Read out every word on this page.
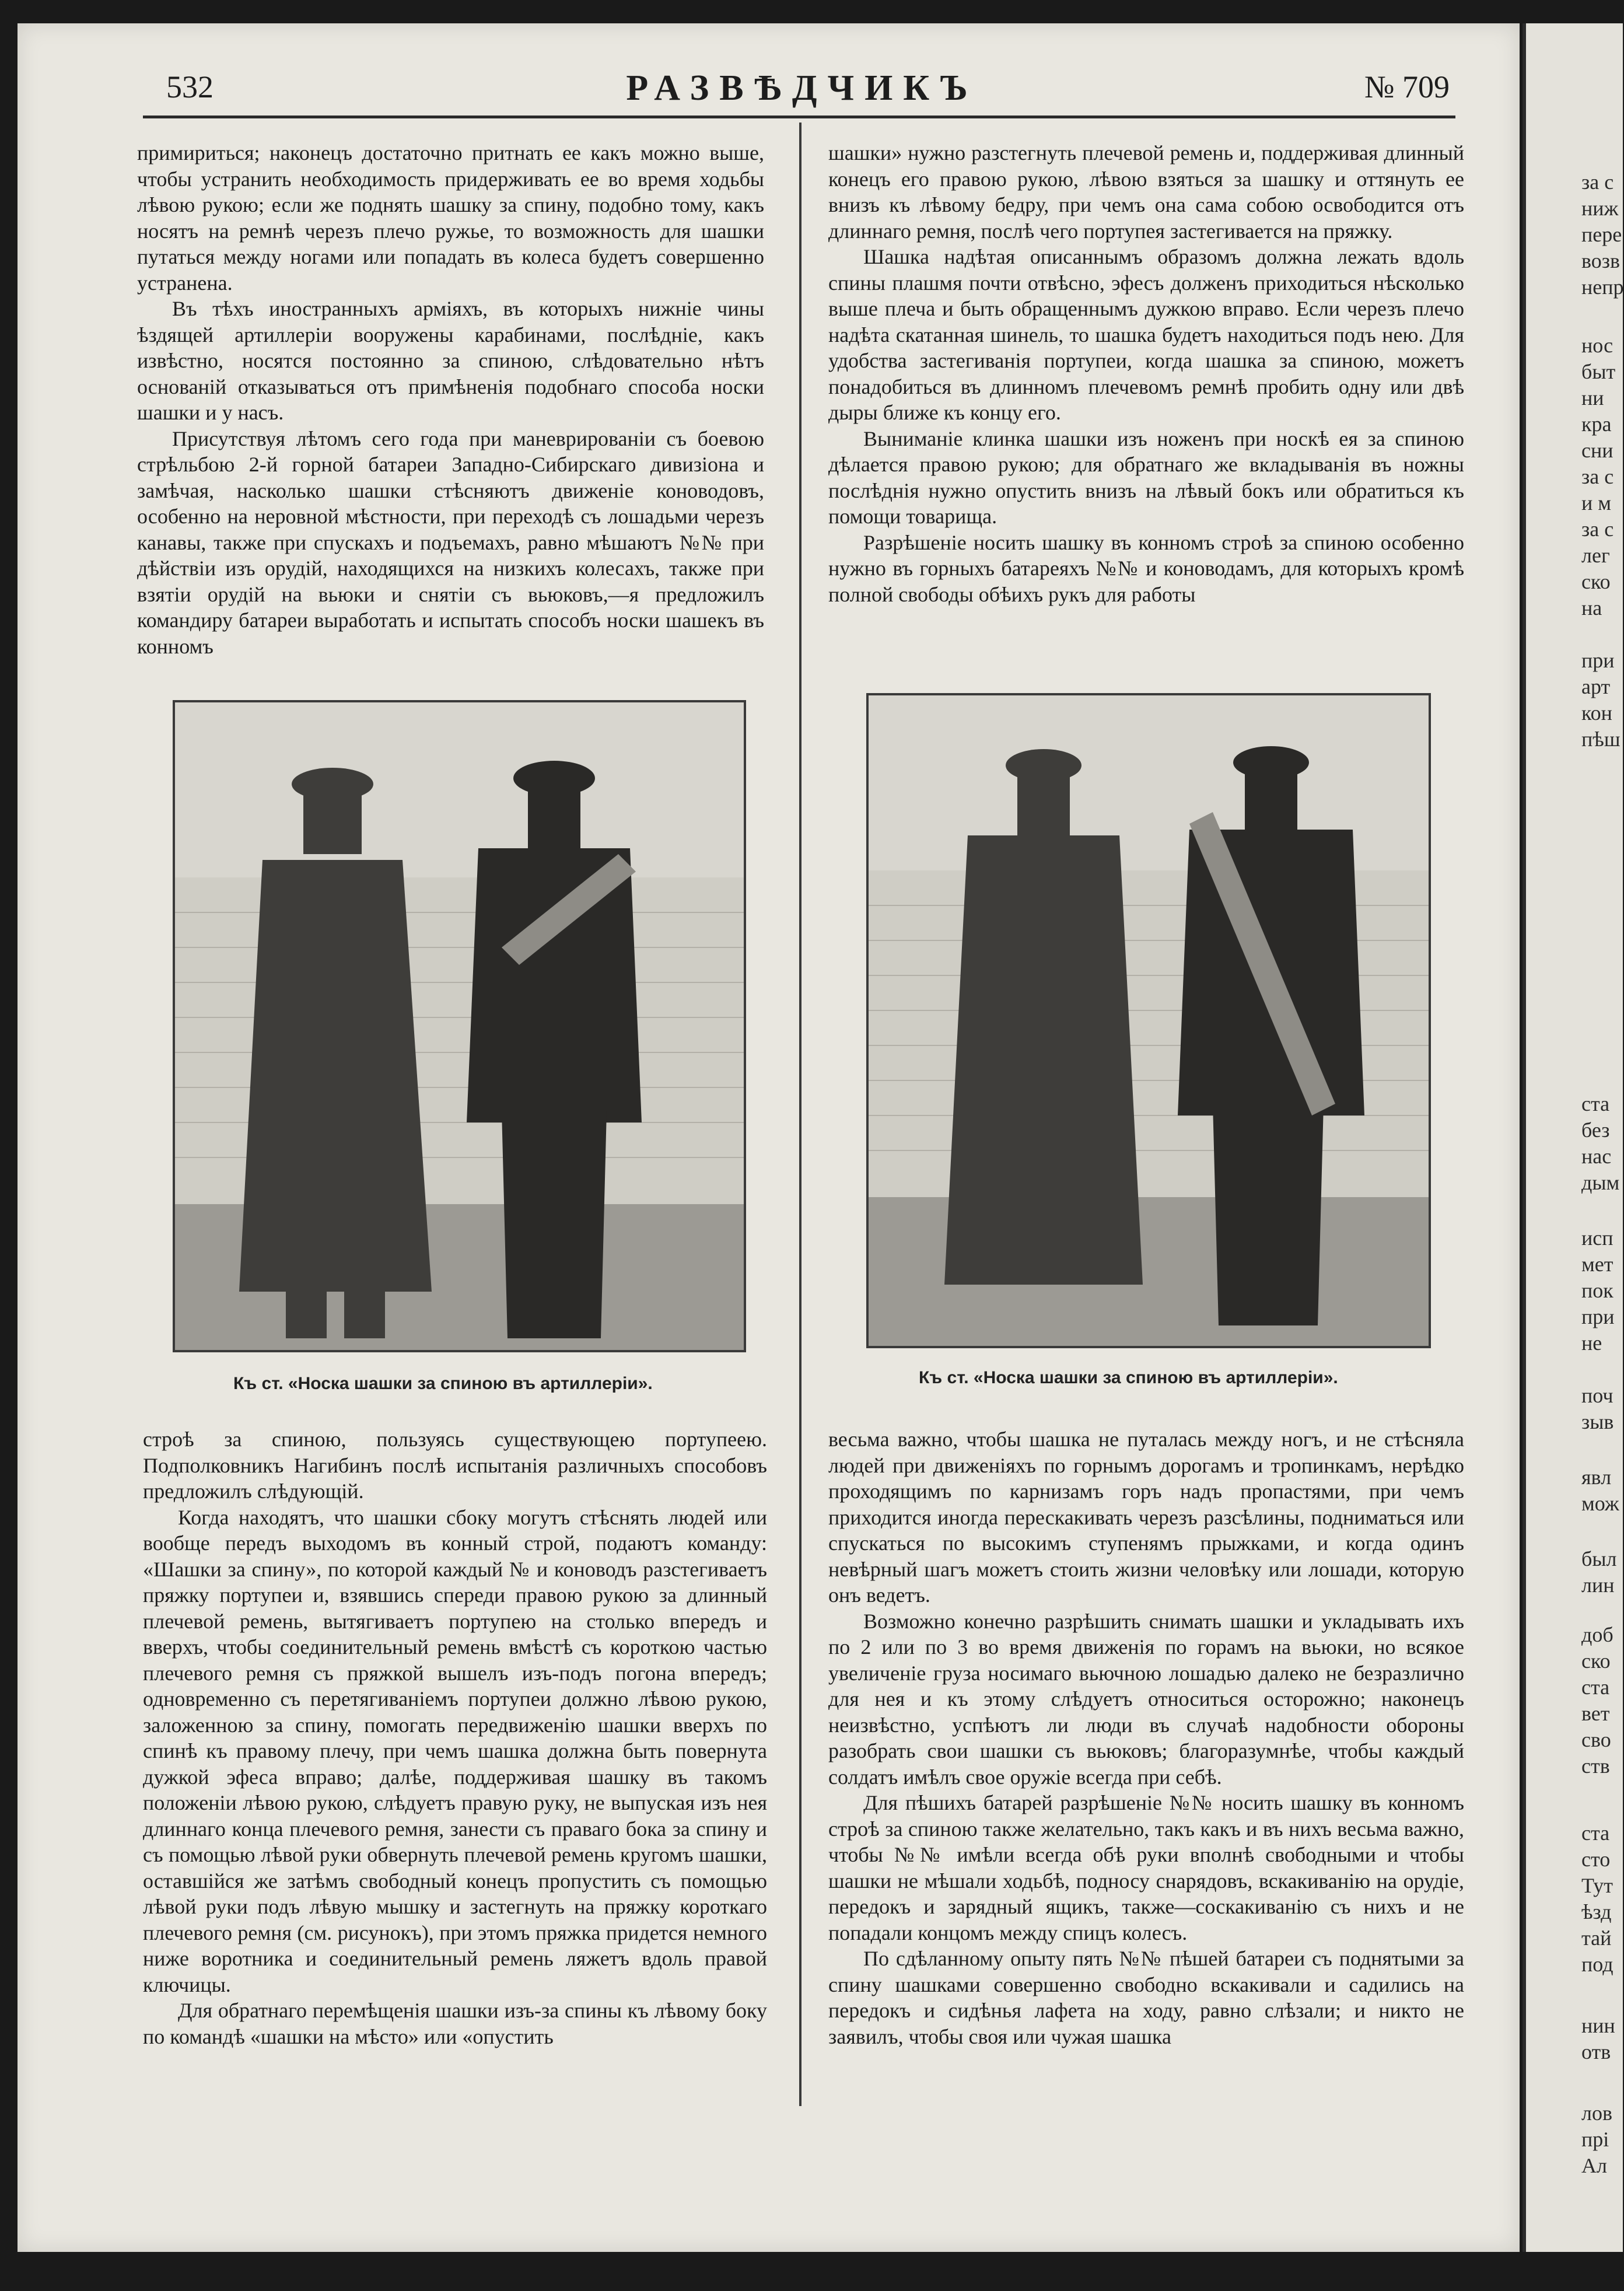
532	РАЗВѢДЧИКЪ	№ 709

примириться; наконецъ достаточно притнать ее какъ можно выше, чтобы устранить необходимость придерживать ее во время ходьбы лѣвою рукою; если же поднять шашку за спину, подобно тому, какъ носятъ на ремнѣ черезъ плечо ружье, то возможность для шашки путаться между ногами или попадать въ колеса будетъ совершенно устранена.

Въ тѣхъ иностранныхъ арміяхъ, въ которыхъ нижніе чины ѣздящей артиллеріи вооружены карабинами, послѣдніе, какъ извѣстно, носятся постоянно за спиною, слѣдовательно нѣтъ основаній отказываться отъ примѣненія подобнаго способа носки шашки и у насъ.

Присутствуя лѣтомъ сего года при маневрированіи съ боевою стрѣльбою 2-й горной батареи Западно-Сибирскаго дивизіона и замѣчая, насколько шашки стѣсняютъ движеніе коноводовъ, особенно на неровной мѣстности, при переходѣ съ лошадьми черезъ канавы, также при спускахъ и подъемахъ, равно мѣшаютъ №№ при дѣйствіи изъ орудій, находящихся на низкихъ колесахъ, также при взятіи орудій на вьюки и снятіи съ вьюковъ,—я предложилъ командиру батареи выработать и испытать способъ носки шашекъ въ конномъ

шашки» нужно разстегнуть плечевой ремень и, поддерживая длинный конецъ его правою рукою, лѣвою взяться за шашку и оттянуть ее внизъ къ лѣвому бедру, при чемъ она сама собою освободится отъ длиннаго ремня, послѣ чего портупея застегивается на пряжку.

Шашка надѣтая описаннымъ образомъ должна лежать вдоль спины плашмя почти отвѣсно, эфесъ долженъ приходиться нѣсколько выше плеча и быть обращеннымъ дужкою вправо. Если черезъ плечо надѣта скатанная шинель, то шашка будетъ находиться подъ нею. Для удобства застегиванія портупеи, когда шашка за спиною, можетъ понадобиться въ длинномъ плечевомъ ремнѣ пробить одну или двѣ дыры ближе къ концу его.

Выниманіе клинка шашки изъ ноженъ при носкѣ ея за спиною дѣлается правою рукою; для обратнаго же вкладыванія въ ножны послѣднія нужно опустить внизъ на лѣвый бокъ или обратиться къ помощи товарища.

Разрѣшеніе носить шашку въ конномъ строѣ за спиною особенно нужно въ горныхъ батареяхъ №№ и коноводамъ, для которыхъ кромѣ полной свободы обѣихъ рукъ для работы

Къ ст. «Носка шашки за спиною въ артиллеріи».	Къ ст. «Носка шашки за спиною въ артиллеріи».

строѣ за спиною, пользуясь существующею портупеею. Подполковникъ Нагибинъ послѣ испытанія различныхъ способовъ предложилъ слѣдующій.

Когда находятъ, что шашки сбоку могутъ стѣснять людей или вообще передъ выходомъ въ конный строй, подаютъ команду: «Шашки за спину», по которой каждый № и коноводъ разстегиваетъ пряжку портупеи и, взявшись спереди правою рукою за длинный плечевой ремень, вытягиваетъ портупею на столько впередъ и вверхъ, чтобы соединительный ремень вмѣстѣ съ короткою частью плечевого ремня съ пряжкой вышелъ изъ-подъ погона впередъ; одновременно съ перетягиваніемъ портупеи должно лѣвою рукою, заложенною за спину, помогать передвиженію шашки вверхъ по спинѣ къ правому плечу, при чемъ шашка должна быть повернута дужкой эфеса вправо; далѣе, поддерживая шашку въ такомъ положеніи лѣвою рукою, слѣдуетъ правую руку, не выпуская изъ нея длиннаго конца плечевого ремня, занести съ праваго бока за спину и съ помощью лѣвой руки обвернуть плечевой ремень кругомъ шашки, оставшійся же затѣмъ свободный конецъ пропустить съ помощью лѣвой руки подъ лѣвую мышку и застегнуть на пряжку короткаго плечевого ремня (см. рисунокъ), при этомъ пряжка придется немного ниже воротника и соединительный ремень ляжетъ вдоль правой ключицы.

Для обратнаго перемѣщенія шашки изъ-за спины къ лѣвому боку по командѣ «шашки на мѣсто» или «опустить

весьма важно, чтобы шашка не путалась между ногъ, и не стѣсняла людей при движеніяхъ по горнымъ дорогамъ и тропинкамъ, нерѣдко проходящимъ по карнизамъ горъ надъ пропастями, при чемъ приходится иногда перескакивать черезъ разсѣлины, подниматься или спускаться по высокимъ ступенямъ прыжками, и когда одинъ невѣрный шагъ можетъ стоить жизни человѣку или лошади, которую онъ ведетъ.

Возможно конечно разрѣшить снимать шашки и укладывать ихъ по 2 или по 3 во время движенія по горамъ на вьюки, но всякое увеличеніе груза носимаго вьючною лошадью далеко не безразлично для нея и къ этому слѣдуетъ относиться осторожно; наконецъ неизвѣстно, успѣютъ ли люди въ случаѣ надобности обороны разобрать свои шашки съ вьюковъ; благоразумнѣе, чтобы каждый солдатъ имѣлъ свое оружіе всегда при себѣ.

Для пѣшихъ батарей разрѣшеніе №№ носить шашку въ конномъ строѣ за спиною также желательно, такъ какъ и въ нихъ весьма важно, чтобы №№ имѣли всегда обѣ руки вполнѣ свободными и чтобы шашки не мѣшали ходьбѣ, подносу снарядовъ, вскакиванію на орудіе, передокъ и зарядный ящикъ, также—соскакиванію съ нихъ и не попадали концомъ между спицъ колесъ.

По сдѣланному опыту пять №№ пѣшей батареи съ поднятыми за спину шашками совершенно свободно вскакивали и садились на передокъ и сидѣнья лафета на ходу, равно слѣзали; и никто не заявилъ, чтобы своя или чужая шашка

за с
ниж
пере
возв
непр
нос
быт
ни
кра
сни
за с
и м
за с
лег
ско
на
при
арт
кон
пѣш
ста
без
нас
дым
исп
мет
пок
при
не
поч
зыв
явл
мож
был
лин
доб
ско
ста
вет
сво
ств
ста
сто
Тут
ѣзд
тай
под
нин
отв
лов
прі
Ал
